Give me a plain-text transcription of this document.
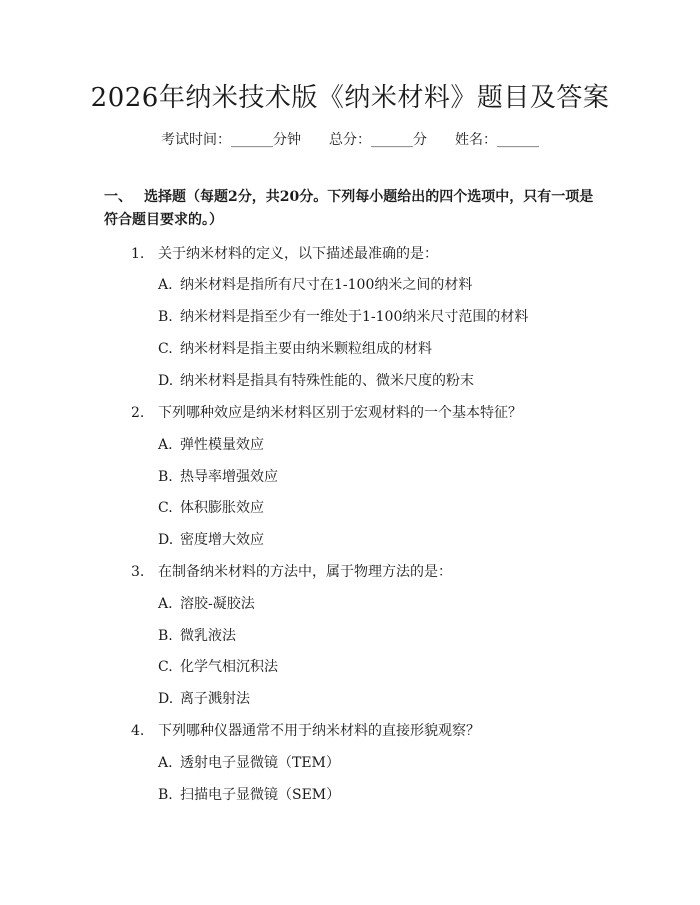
2026年纳米技术版《纳米材料》题目及答案
考试时间：______分钟 总分：______分 姓名：______
一、 选择题（每题2分，共20分。下列每小题给出的四个选项中，只有一项是
符合题目要求的。）
1. 关于纳米材料的定义，以下描述最准确的是：
A. 纳米材料是指所有尺寸在1-100纳米之间的材料
B. 纳米材料是指至少有一维处于1-100纳米尺寸范围的材料
C. 纳米材料是指主要由纳米颗粒组成的材料
D. 纳米材料是指具有特殊性能的、微米尺度的粉末
2. 下列哪种效应是纳米材料区别于宏观材料的一个基本特征？
A. 弹性模量效应
B. 热导率增强效应
C. 体积膨胀效应
D. 密度增大效应
3. 在制备纳米材料的方法中，属于物理方法的是：
A. 溶胶-凝胶法
B. 微乳液法
C. 化学气相沉积法
D. 离子溅射法
4. 下列哪种仪器通常不用于纳米材料的直接形貌观察？
A. 透射电子显微镜（TEM）
B. 扫描电子显微镜（SEM）
